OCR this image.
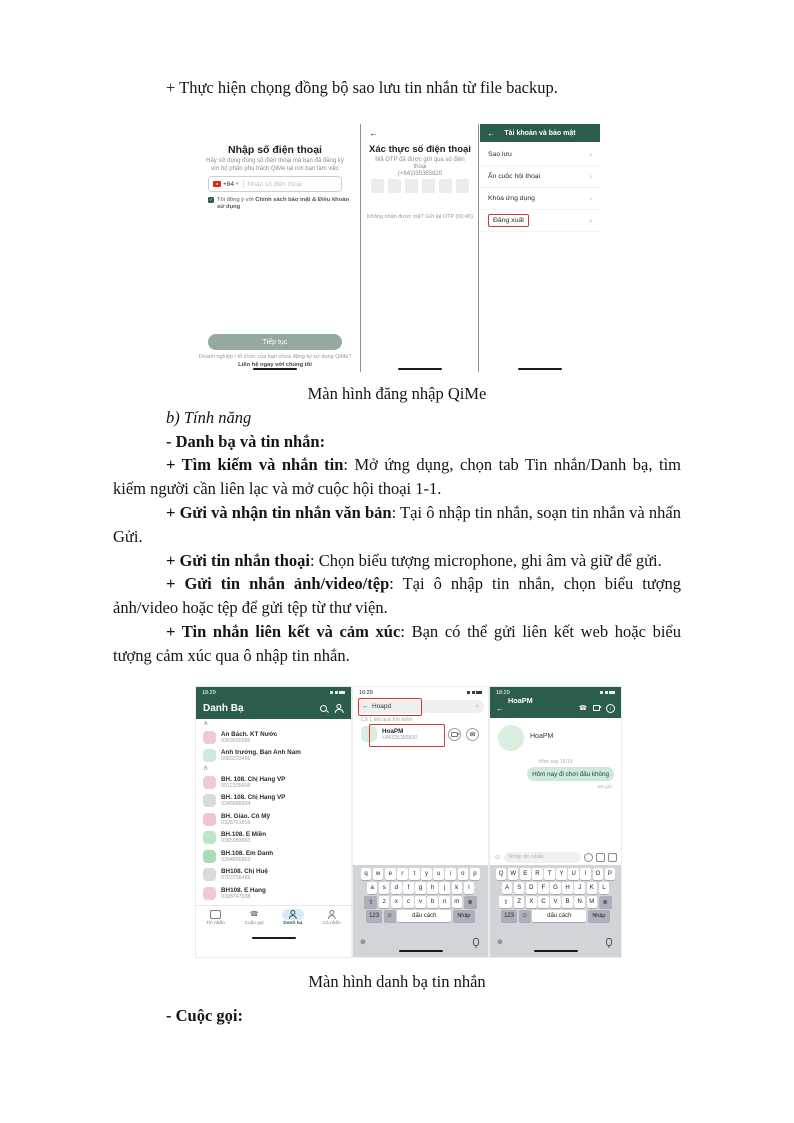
+ Thực hiện chọng đồng bộ sao lưu tin nhắn từ file backup.

Nhập số điện thoại
Hãy sử dụng đúng số điện thoại mà bạn đã đăng ký với bộ phận phụ trách QiMe tại nơi bạn làm việc
+84 ▾ Nhập số điện thoại
✓ Tôi đồng ý với Chính sách bảo mật & Điều khoản sử dụng
Tiếp tục
Doanh nghiệp / tổ chức của bạn chưa đăng ký sử dụng QiMe?
Liên hệ ngay với chúng tôi
←
Xác thực số điện thoại
Mã OTP đã được gửi qua số điện thoại
(+84)335385820
Không nhận được mã? Gửi lại OTP (00:45)
←	Tài khoản và bảo mật
Sao lưu	›
Ẩn cuộc hội thoại	›
Khóa ứng dụng	›
Đăng xuất	›

Màn hình đăng nhập QiMe

b) Tính năng

- Danh bạ và tin nhắn:

+ Tìm kiếm và nhắn tin: Mở ứng dụng, chọn tab Tin nhắn/Danh bạ, tìm kiếm người cần liên lạc và mở cuộc hội thoại 1-1.

+ Gửi và nhận tin nhắn văn bản: Tại ô nhập tin nhắn, soạn tin nhắn và nhấn Gửi.

+ Gửi tin nhắn thoại: Chọn biểu tượng microphone, ghi âm và giữ để gửi.

+ Gửi tin nhắn ảnh/video/tệp: Tại ô nhập tin nhắn, chọn biểu tượng ảnh/video hoặc tệp để gửi tệp từ thư viện.

+ Tin nhắn liên kết và cảm xúc: Bạn có thể gửi liên kết web hoặc biểu tượng cảm xúc qua ô nhập tin nhắn.

18:29
Danh Bạ
A
An Bách. KT Nước
0369035585
Anh trưởng. Bạn Anh Nam
0983223456
B
BH. 108. Chị Hang VP
0912335608
BH. 108. Chị Hang VP
0345688904
BH. Giáo. Cô Mỹ
0328761816
BH.108. E Miền
0365983883
BH.108. Em Danh
0394856862
BH108. Chị Huệ
0703758489
BH108. E Hang
0398747938
Tin nhắn
☎
Cuộc gọi	Danh bạ	Cá nhân
16:29
← Hoapd	×
Có 1 kết quả tìm kiếm
HoaPM
+84335385820	☎
q	w	e	r	t	y	u	i	o	p
a	s	d	f	g	h	j	k	l
⇧	z	x	c	v	b	n	m	⊗
123	☺	dấu cách	Nhập
⊕
18:29
←
HoaPM
Online
☎	i
HoaPM
Hôm nay 18:19
Hôm nay đi chơi đâu không
Đã gửi
☺	Nhập tin nhắn
Q	W	E	R	T	Y	U	I	O	P
A	S	D	F	G	H	J	K	L
⇧	Z	X	C	V	B	N	M	⊗
123	☺	dấu cách	Nhập
⊕

Màn hình danh bạ tin nhắn

- Cuộc gọi:
